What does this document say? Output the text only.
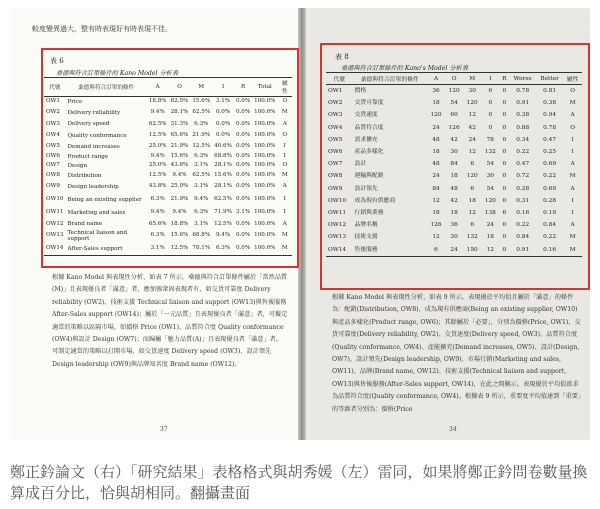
較度變異過大，整有時表現好有時表現不佳。
表 6
桑德與符合訂單條件的 Kano Model 分析表
代號	桑德與符合訂單的條件	A	O	M	I	R	Total	屬性
OW1	Price	18.8%	62.5%	15.6%	3.1%	0.0%	100.0%	O
OW2	Delivery reliability	9.4%	28.1%	62.5%	0.0%	0.0%	100.0%	M
OW3	Delivery speed	62.5%	31.3%	6.3%	0.0%	0.0%	100.0%	A
OW4	Quality conformance	12.5%	65.6%	21.9%	0.0%	0.0%	100.0%	O
OW5	Demand increases	25.0%	21.9%	12.5%	40.6%	0.0%	100.0%	I
OW6	Product range	9.4%	15.6%	6.3%	68.8%	0.0%	100.0%	I
OW7	Design	25.0%	43.8%	3.1%	28.1%	0.0%	100.0%	O
OW8	Distribution	12.5%	9.4%	62.5%	15.6%	0.0%	100.0%	M
OW9	Design leadership	43.8%	25.0%	3.1%	28.1%	0.0%	100.0%	A
OW10	Being an existing supplier	6.3%	21.9%	9.4%	62.5%	0.0%	100.0%	I
OW11	Marketing and sales	9.4%	9.4%	6.3%	71.9%	3.1%	100.0%	I
OW12	Brand name	65.6%	18.8%	3.1%	12.5%	0.0%	100.0%	A
OW13	Technical liaison and support	6.3%	15.6%	68.8%	9.4%	0.0%	100.0%	M
OW14	After-Sales support	3.1%	12.5%	78.1%	6.3%	0.0%	100.0%	M
根據 Kano Model 與表現性分析，如表 7 所示，桑德與符合訂單條件屬於「當然品質(M)」且表現優良者「滿意」者，應加強鞏固表現者有，如交貨可靠度 Delivery reliability (OW2)、技術支援 Technical liaison and support (OW13)與售後服務 After-Sales support (OW14)；屬於「一元品質」且表現優良者「滿意」者，可擬定適當的策略以區隔市場，如價格 Price (OW1)、品質符合度 Quality conformance (OW4)與設計 Design (OW7)；而歸屬「魅力品質(A)」且表現優良者「滿意」者，可制定適當的策略以打開市場，如交貨速度 Delivery speed (OW3)、設計領先 Design leadership (OW9)與品牌知名度 Brand name (OW12)。
37
表 8
桑德與符合訂單條件的 Kano's Model 分析表
根據 Kano Model 與表現性分析，如表 9 所示，表現優於平均值且屬於「滿意」的條件為：配銷(Distribution, OW8)、成為現有供應商(Being an existing supplier, OW10)與產品多樣化(Product range, OW6)；其餘屬於「必要」，分別為價格(Price, OW1)、交貨可靠度(Delivery reliability, OW2)、交貨速度(Delivery speed, OW3)、品質符合度(Quality conformance, OW4)、產能擴充(Demand increases, OW5)、設計(Design, OW7)、設計領先(Design leadership, OW9)、市場行銷(Marketing and sales, OW11)、品牌(Brand name, OW12)、技術支援(Technical liaison and support, OW13)與售後服務(After-Sales support, OW14)，在此之間顯示，表現優於平均值欲求為品質符合度(Quality conformance, OW4)。根據表 9 所示，重要度平均值達到「重要」的等級者分別為：價格(Price
34
代號	桑德與符合訂單的條件	A	O	M	I	R	Worse	Better	屬性
OW1	價格	36	120	30	6	0	0.78	0.81	O
OW2	交貨可靠度	18	54	120	0	0	0.91	0.38	M
OW3	交貨速度	120	60	12	0	0	0.38	0.94	A
OW4	品質符合度	24	126	42	0	0	0.88	0.78	O
OW5	需求擴充	48	42	24	78	0	0.34	0.47	I
OW6	產品多樣化	18	30	12	132	0	0.22	0.25	I
OW7	設計	48	84	6	54	0	0.47	0.69	A
OW8	運輸與配銷	24	18	120	30	0	0.72	0.22	M
OW9	設計領先	84	48	6	54	0	0.28	0.69	A
OW10	成為現有供應商	12	42	18	120	0	0.31	0.28	I
OW11	行銷與業務	18	18	12	138	6	0.16	0.19	I
OW12	品牌名稱	126	36	6	24	0	0.22	0.84	A
OW13	技術支援	12	30	132	18	0	0.84	0.22	M
OW14	售後服務	6	24	150	12	0	0.91	0.16	M
鄭正鈐論文（右）「研究結果」表格格式與胡秀媛（左）雷同，如果將鄭正鈐問卷數量換算成百分比，恰與胡相同。翻攝畫面
